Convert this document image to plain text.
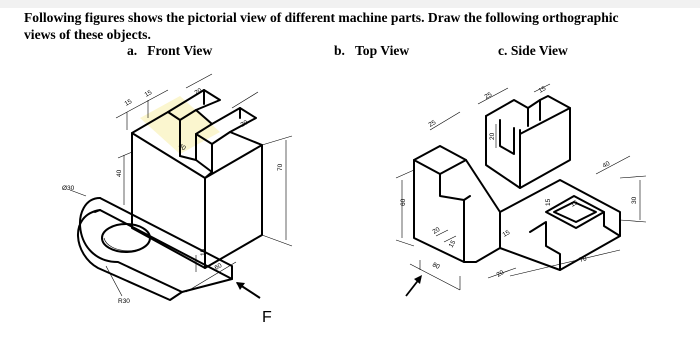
Following figures shows the pictorial view of different machine parts. Draw the following orthographic
views of these objects.
a. Front View	b. Top View	c. Side View
15
15	20
40
20
70
40
Ø30
15
60
R30
F
60
25
25
15
20
40
30
20
15
15
15	15
80
70
20
